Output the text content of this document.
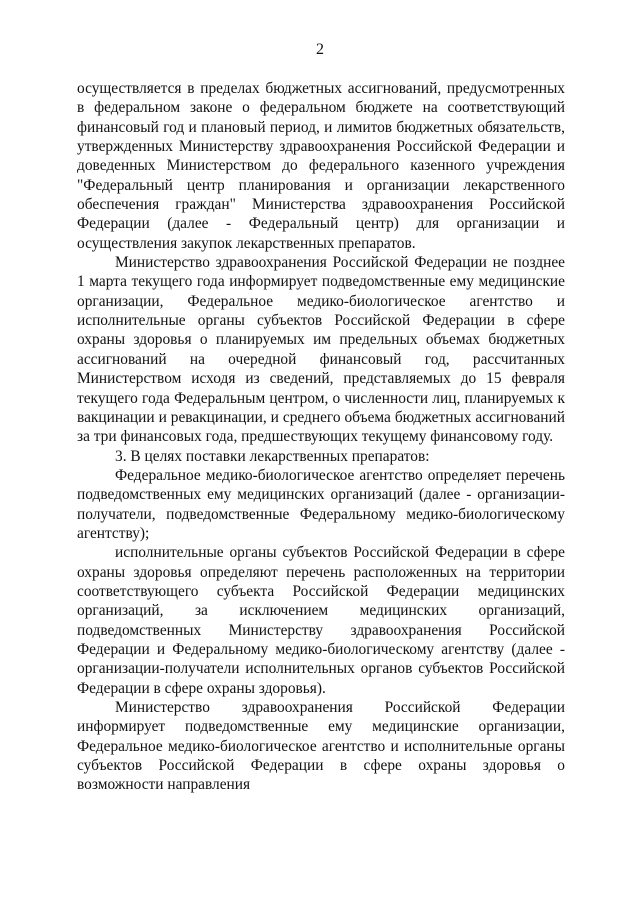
2

осуществляется в пределах бюджетных ассигнований, предусмотренных в федеральном законе о федеральном бюджете на соответствующий финансовый год и плановый период, и лимитов бюджетных обязательств, утвержденных Министерству здравоохранения Российской Федерации и доведенных Министерством до федерального казенного учреждения "Федеральный центр планирования и организации лекарственного обеспечения граждан" Министерства здравоохранения Российской Федерации (далее - Федеральный центр) для организации и осуществления закупок лекарственных препаратов.

Министерство здравоохранения Российской Федерации не позднее 1 марта текущего года информирует подведомственные ему медицинские организации, Федеральное медико-биологическое агентство и исполнительные органы субъектов Российской Федерации в сфере охраны здоровья о планируемых им предельных объемах бюджетных ассигнований на очередной финансовый год, рассчитанных Министерством исходя из сведений, представляемых до 15 февраля текущего года Федеральным центром, о численности лиц, планируемых к вакцинации и ревакцинации, и среднего объема бюджетных ассигнований за три финансовых года, предшествующих текущему финансовому году.

3. В целях поставки лекарственных препаратов:

Федеральное медико-биологическое агентство определяет перечень подведомственных ему медицинских организаций (далее - организации-получатели, подведомственные Федеральному медико-биологическому агентству);

исполнительные органы субъектов Российской Федерации в сфере охраны здоровья определяют перечень расположенных на территории соответствующего субъекта Российской Федерации медицинских организаций, за исключением медицинских организаций, подведомственных Министерству здравоохранения Российской Федерации и Федеральному медико-биологическому агентству (далее - организации-получатели исполнительных органов субъектов Российской Федерации в сфере охраны здоровья).

Министерство здравоохранения Российской Федерации информирует подведомственные ему медицинские организации, Федеральное медико-биологическое агентство и исполнительные органы субъектов Российской Федерации в сфере охраны здоровья о возможности направления
